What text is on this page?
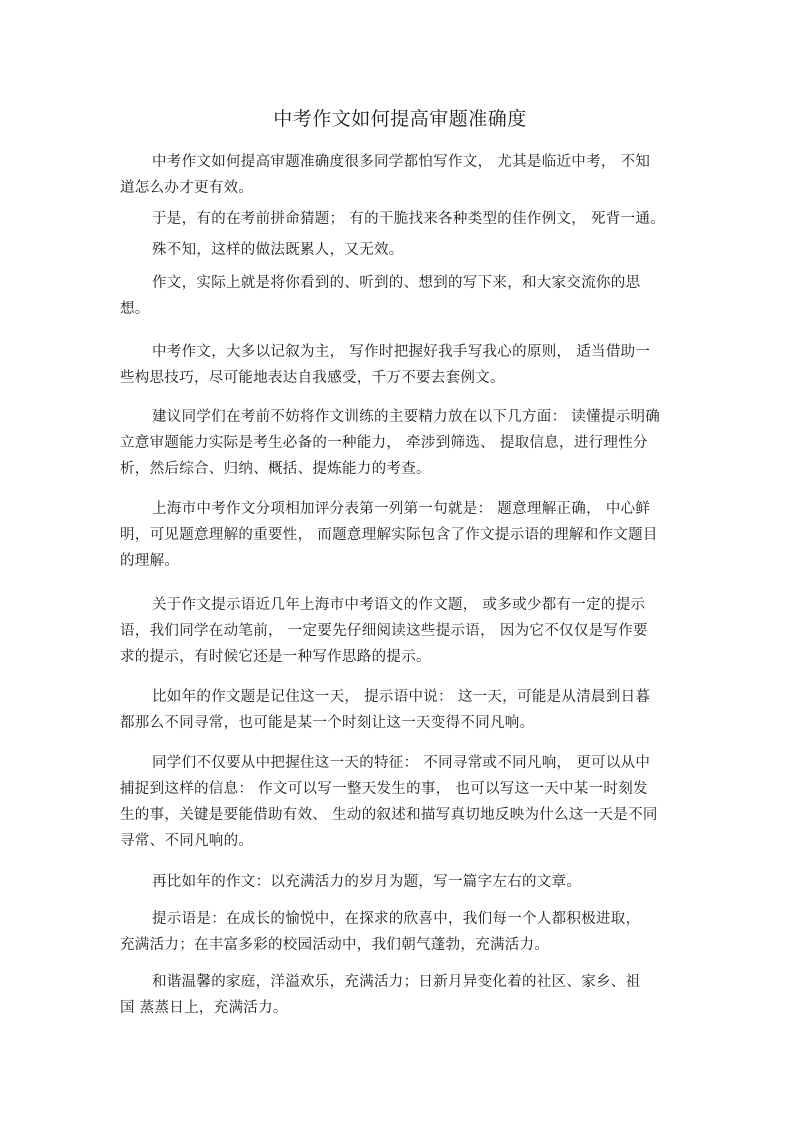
中考作文如何提高审题准确度
中考作文如何提高审题准确度很多同学都怕写作文， 尤其是临近中考， 不知
道怎么办才更有效。
于是，有的在考前拼命猜题； 有的干脆找来各种类型的佳作例文， 死背一通。
殊不知，这样的做法既累人，又无效。
作文，实际上就是将你看到的、听到的、想到的写下来，和大家交流你的思
想。
中考作文，大多以记叙为主， 写作时把握好我手写我心的原则， 适当借助一
些构思技巧，尽可能地表达自我感受，千万不要去套例文。
建议同学们在考前不妨将作文训练的主要精力放在以下几方面： 读懂提示明确
立意审题能力实际是考生必备的一种能力， 牵涉到筛选、 提取信息，进行理性分
析，然后综合、归纳、概括、提炼能力的考查。
上海市中考作文分项相加评分表第一列第一句就是： 题意理解正确， 中心鲜
明，可见题意理解的重要性， 而题意理解实际包含了作文提示语的理解和作文题目
的理解。
关于作文提示语近几年上海市中考语文的作文题， 或多或少都有一定的提示
语，我们同学在动笔前， 一定要先仔细阅读这些提示语， 因为它不仅仅是写作要
求的提示，有时候它还是一种写作思路的提示。
比如年的作文题是记住这一天， 提示语中说： 这一天，可能是从清晨到日暮
都那么不同寻常，也可能是某一个时刻让这一天变得不同凡响。
同学们不仅要从中把握住这一天的特征： 不同寻常或不同凡响， 更可以从中
捕捉到这样的信息： 作文可以写一整天发生的事， 也可以写这一天中某一时刻发
生的事，关键是要能借助有效、 生动的叙述和描写真切地反映为什么这一天是不同
寻常、不同凡响的。
再比如年的作文：以充满活力的岁月为题，写一篇字左右的文章。
提示语是：在成长的愉悦中，在探求的欣喜中，我们每一个人都积极进取，
充满活力；在丰富多彩的校园活动中，我们朝气蓬勃，充满活力。
和谐温馨的家庭，洋溢欢乐，充满活力；日新月异变化着的社区、家乡、祖
国 蒸蒸日上，充满活力。
